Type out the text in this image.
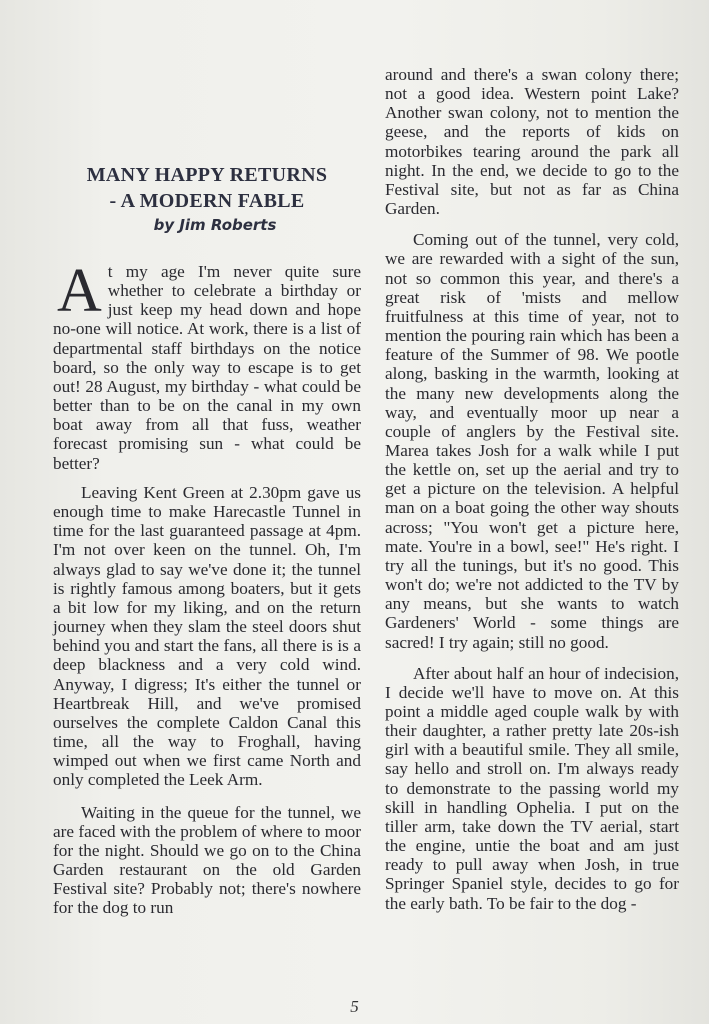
MANY HAPPY RETURNS
- A MODERN FABLE
by Jim Roberts
A t my age I'm never quite sure whether to celebrate a birthday or just keep my head down and hope no-one will notice. At work, there is a list of departmental staff birthdays on the notice board, so the only way to escape is to get out! 28 August, my birthday - what could be better than to be on the canal in my own boat away from all that fuss, weather forecast promising sun - what could be better?

Leaving Kent Green at 2.30pm gave us enough time to make Harecastle Tunnel in time for the last guaranteed passage at 4pm. I'm not over keen on the tunnel. Oh, I'm always glad to say we've done it; the tunnel is rightly famous among boaters, but it gets a bit low for my liking, and on the return journey when they slam the steel doors shut behind you and start the fans, all there is is a deep blackness and a very cold wind. Anyway, I digress; It's either the tunnel or Heartbreak Hill, and we've promised ourselves the complete Caldon Canal this time, all the way to Froghall, having wimped out when we first came North and only completed the Leek Arm.

Waiting in the queue for the tunnel, we are faced with the problem of where to moor for the night. Should we go on to the China Garden restaurant on the old Garden Festival site? Probably not; there's nowhere for the dog to run

around and there's a swan colony there; not a good idea. Western point Lake? Another swan colony, not to mention the geese, and the reports of kids on motorbikes tearing around the park all night. In the end, we decide to go to the Festival site, but not as far as China Garden.

Coming out of the tunnel, very cold, we are rewarded with a sight of the sun, not so common this year, and there's a great risk of 'mists and mellow fruitfulness at this time of year, not to mention the pouring rain which has been a feature of the Summer of 98. We pootle along, basking in the warmth, looking at the many new developments along the way, and eventually moor up near a couple of anglers by the Festival site. Marea takes Josh for a walk while I put the kettle on, set up the aerial and try to get a picture on the television. A helpful man on a boat going the other way shouts across; "You won't get a picture here, mate. You're in a bowl, see!" He's right. I try all the tunings, but it's no good. This won't do; we're not addicted to the TV by any means, but she wants to watch Gardeners' World - some things are sacred! I try again; still no good.

After about half an hour of indecision, I decide we'll have to move on. At this point a middle aged couple walk by with their daughter, a rather pretty late 20s-ish girl with a beautiful smile. They all smile, say hello and stroll on. I'm always ready to demonstrate to the passing world my skill in handling Ophelia. I put on the tiller arm, take down the TV aerial, start the engine, untie the boat and am just ready to pull away when Josh, in true Springer Spaniel style, decides to go for the early bath. To be fair to the dog -

5
